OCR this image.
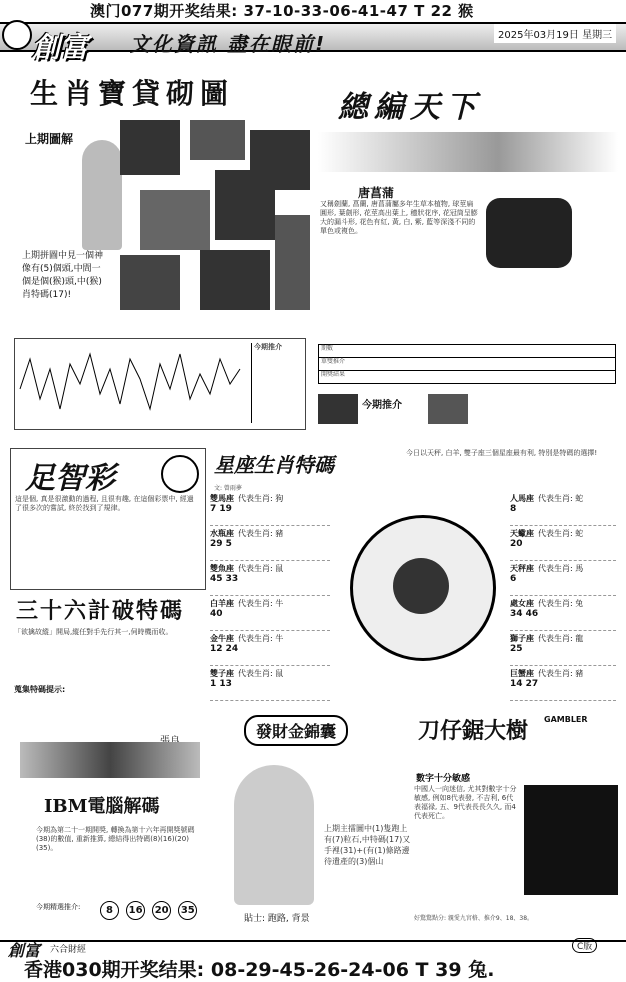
澳门077期开奖结果: 37-10-33-06-41-47 T 22 猴
創富 文化資訊 盡在眼前!	2025年03月19日 星期三
生肖寶貸砌圖
上期圖解
上期拼圖中見一個神像有(5)個頭,中間一個是個(猴)頭,中(猴)肖特碼(17)!
總編天下
唐菖蒲
又稱劍蘭, 菖蘭, 唐菖蒲屬多年生草本植物, 球莖扁圓形, 葉劍形, 花莖高出葉上, 穗狀花序, 花冠筒呈膨大的漏斗形, 花色有紅, 黃, 白, 紫, 藍等深淺不同的單色或複色。
今期推介	期數
單雙推介
開獎結果
今期推介
足智彩
這是個, 真是很激動的過程, 且很有趣, 在這個彩票中, 經過了很多次的嘗試, 終於找到了規律。
三十六計破特碼
「欲擒故縱」開局,縱任對手先行其一,伺時機而收。
蒐集特碼提示:
IBM電腦解碼
今期為第二十一期開獎, 轉換為第十六年再開獎號碼(38)的數值, 重新推算, 總結得出特碼(8)(16)(20)(35)。
今期精選推介:	8 16 20 35
星座生肖特碼
文: 曾雨夢
今日以天秤, 白羊, 雙子座三個星座最有利, 特別是特碼的選擇!
雙馬座 代表生肖: 狗
7 19
水瓶座 代表生肖: 豬
29 5
雙魚座 代表生肖: 鼠
45 33
白羊座 代表生肖: 牛
40
金牛座 代表生肖: 牛
12 24
雙子座 代表生肖: 鼠
1 13
人馬座 代表生肖: 蛇
8
天蠍座 代表生肖: 蛇
20
天秤座 代表生肖: 馬
6
處女座 代表生肖: 兔
34 46
獅子座 代表生肖: 龍
25
巨蟹座 代表生肖: 豬
14 27
發財金錦囊
上期主擂圖中(1)隻跑上有(7)粒石,中特碼(17)又手裡(31)+(有(1)條路邊待遺產的(3)個山
貼士: 跑路, 背景
刀仔鋸大樹 GAMBLER
數字十分敏感
中國人一向迷信, 尤其對數字十分敏感, 例如8代表發, 不吉利, 6代表福禄, 五、9代表長長久久, 而4代表死亡。
好驚驚點分: 親愛九宮格、推介9、18、38。
創富 六合財經	C版
香港030期开奖结果: 08-29-45-26-24-06 T 39 兔.
